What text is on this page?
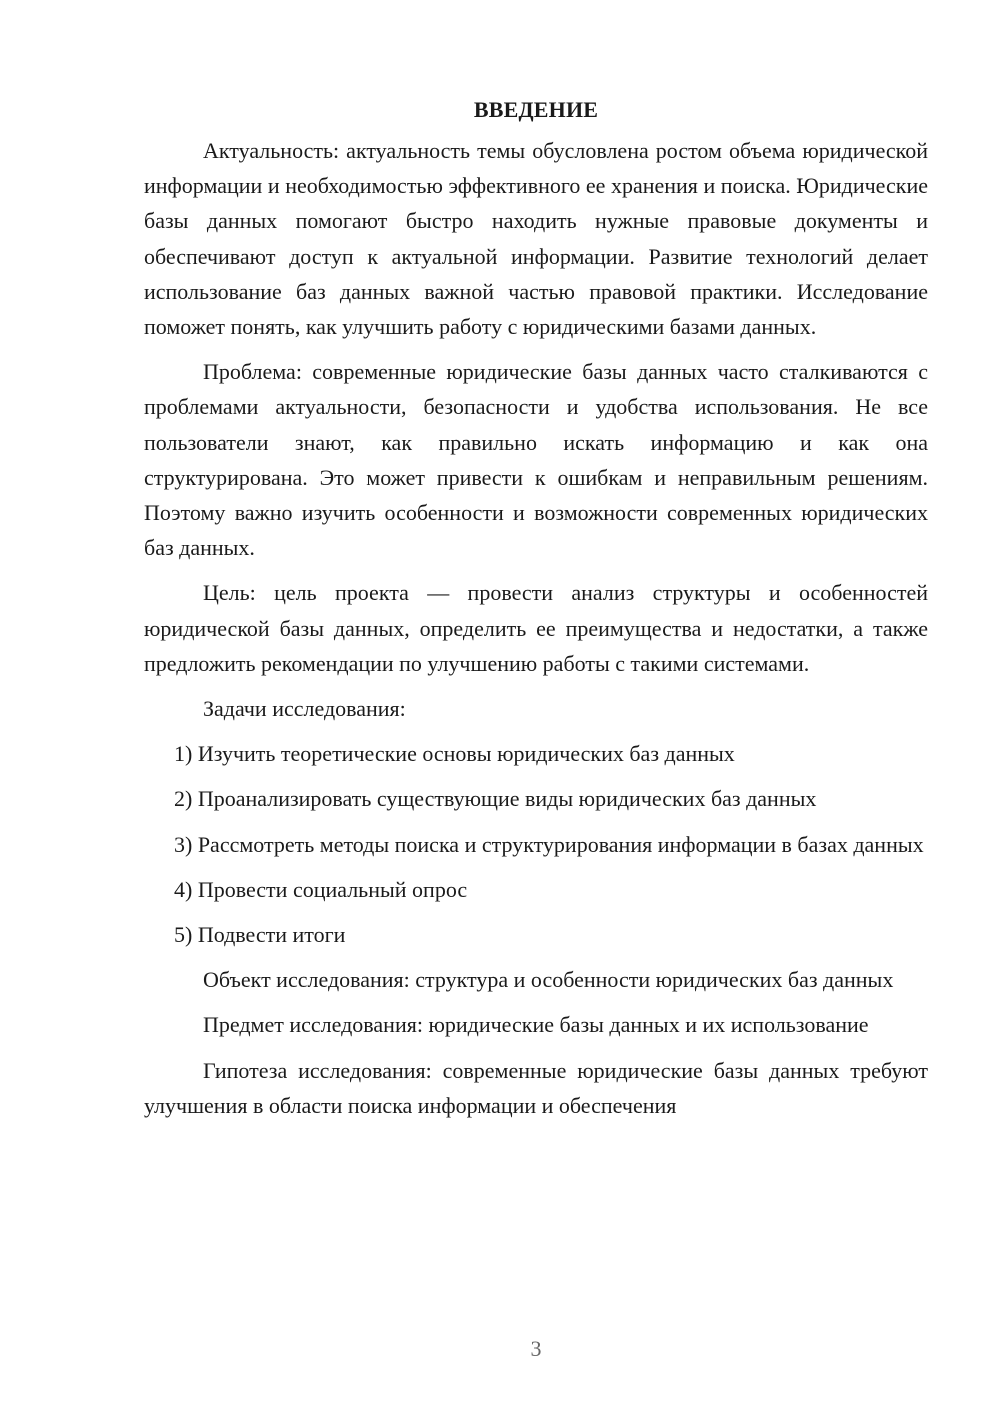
ВВЕДЕНИЕ

Актуальность: актуальность темы обусловлена ростом объема юридической информации и необходимостью эффективного ее хранения и поиска. Юридические базы данных помогают быстро находить нужные правовые документы и обеспечивают доступ к актуальной информации. Развитие технологий делает использование баз данных важной частью правовой практики. Исследование поможет понять, как улучшить работу с юридическими базами данных.

Проблема: современные юридические базы данных часто сталкиваются с проблемами актуальности, безопасности и удобства использования. Не все пользователи знают, как правильно искать информацию и как она структурирована. Это может привести к ошибкам и неправильным решениям. Поэтому важно изучить особенности и возможности современных юридических баз данных.

Цель: цель проекта — провести анализ структуры и особенностей юридической базы данных, определить ее преимущества и недостатки, а также предложить рекомендации по улучшению работы с такими системами.

Задачи исследования:

1) Изучить теоретические основы юридических баз данных

2) Проанализировать существующие виды юридических баз данных

3) Рассмотреть методы поиска и структурирования информации в базах данных

4) Провести социальный опрос

5) Подвести итоги

Объект исследования: структура и особенности юридических баз данных

Предмет исследования: юридические базы данных и их использование

Гипотеза исследования: современные юридические базы данных требуют улучшения в области поиска информации и обеспечения

3
